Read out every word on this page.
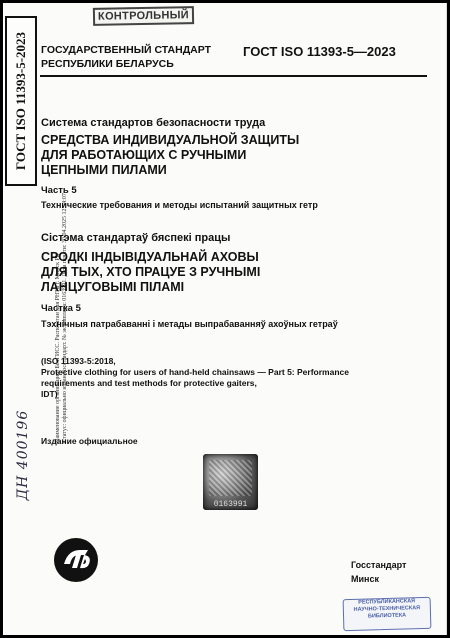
КОНТРОЛЬНЫЙ
ГОСТ ISO 11393-5-2023 ГОСУДАРСТВЕННЫЙ СТАНДАРТ
РЕСПУБЛИКИ БЕЛАРУСЬ
ГОСТ ISO 11393-5—2023
Наименование организации: БелГИСС. Распечатан для РНТБ г. Минск РБ Статус: официально издан Госстандарт. № экземпляра: 0163991. Дата печати: 30.04.2025 12:54:07
ДН 400196
Система стандартов безопасности труда
СРЕДСТВА ИНДИВИДУАЛЬНОЙ ЗАЩИТЫ
ДЛЯ РАБОТАЮЩИХ С РУЧНЫМИ
ЦЕПНЫМИ ПИЛАМИ
Часть 5
Технические требования и методы испытаний защитных гетр
Сістэма стандартаў бяспекі працы
СРОДКІ ІНДЫВІДУАЛЬНАЙ АХОВЫ
ДЛЯ ТЫХ, ХТО ПРАЦУЕ З РУЧНЫМІ
ЛАНЦУГОВЫМІ ПІЛАМІ
Частка 5
Тэхнічныя патрабаванні і метады выпрабаванняў ахоўных гетраў
(ISO 11393-5:2018,
Protective clothing for users of hand-held chainsaws — Part 5: Performance
requirements and test methods for protective gaiters,
IDT)
Издание официальное
0163991
Госстандарт
Минск
РЕСПУБЛИКАНСКАЯ
НАУЧНО-ТЕХНИЧЕСКАЯ
БИБЛИОТЕКА
